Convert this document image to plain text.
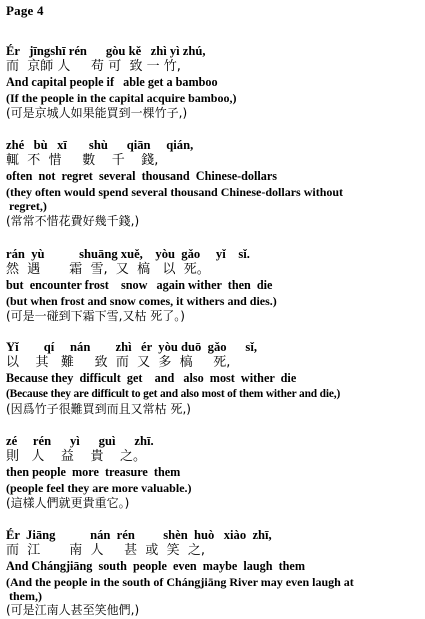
Page 4
Ér   jīngshī rén      gòu kě   zhì yì zhú,
而  京師 人     苟 可  致 一 竹,
And capital people if   able get a bamboo
(If the people in the capital acquire bamboo,)
(可是京城人如果能買到一棵竹子,)
zhé   bù   xī       shù      qiān     qián,
輒  不  惜     數    千    錢,
often  not  regret  several  thousand  Chinese-dollars
(they often would spend several thousand Chinese-dollars without
regret,)
(常常不惜花費好幾千錢,)
rán  yù           shuāng xuě,    yòu  gǎo     yǐ    sǐ.
然  遇       霜  雪,  又  槁   以  死。
but  encounter frost    snow   again wither  then  die
(but when frost and snow comes, it withers and dies.)
(可是一碰到下霜下雪,又枯 死了。)
Yǐ        qí     nán        zhì   ér  yòu duō  gǎo      sǐ,
以    其   難     致  而  又  多  槁     死,
Because they  difficult  get    and   also  most  wither  die
(Because they are difficult to get and also most of them wither and die,)
(因爲竹子很難買到而且又常枯 死,)
zé     rén      yì      guì      zhī.
則   人    益    貴    之。
then people  more  treasure  them
(people feel they are more valuable.)
(這樣人們就更貴重它。)
Ér  Jiāng           nán  rén         shèn  huò   xiào  zhī,
而  江       南  人     甚  或  笑  之,
And Chángjiāng  south  people  even  maybe  laugh  them
(And the people in the south of Chángjiāng River may even laugh at
them,)
(可是江南人甚至笑他們,)
